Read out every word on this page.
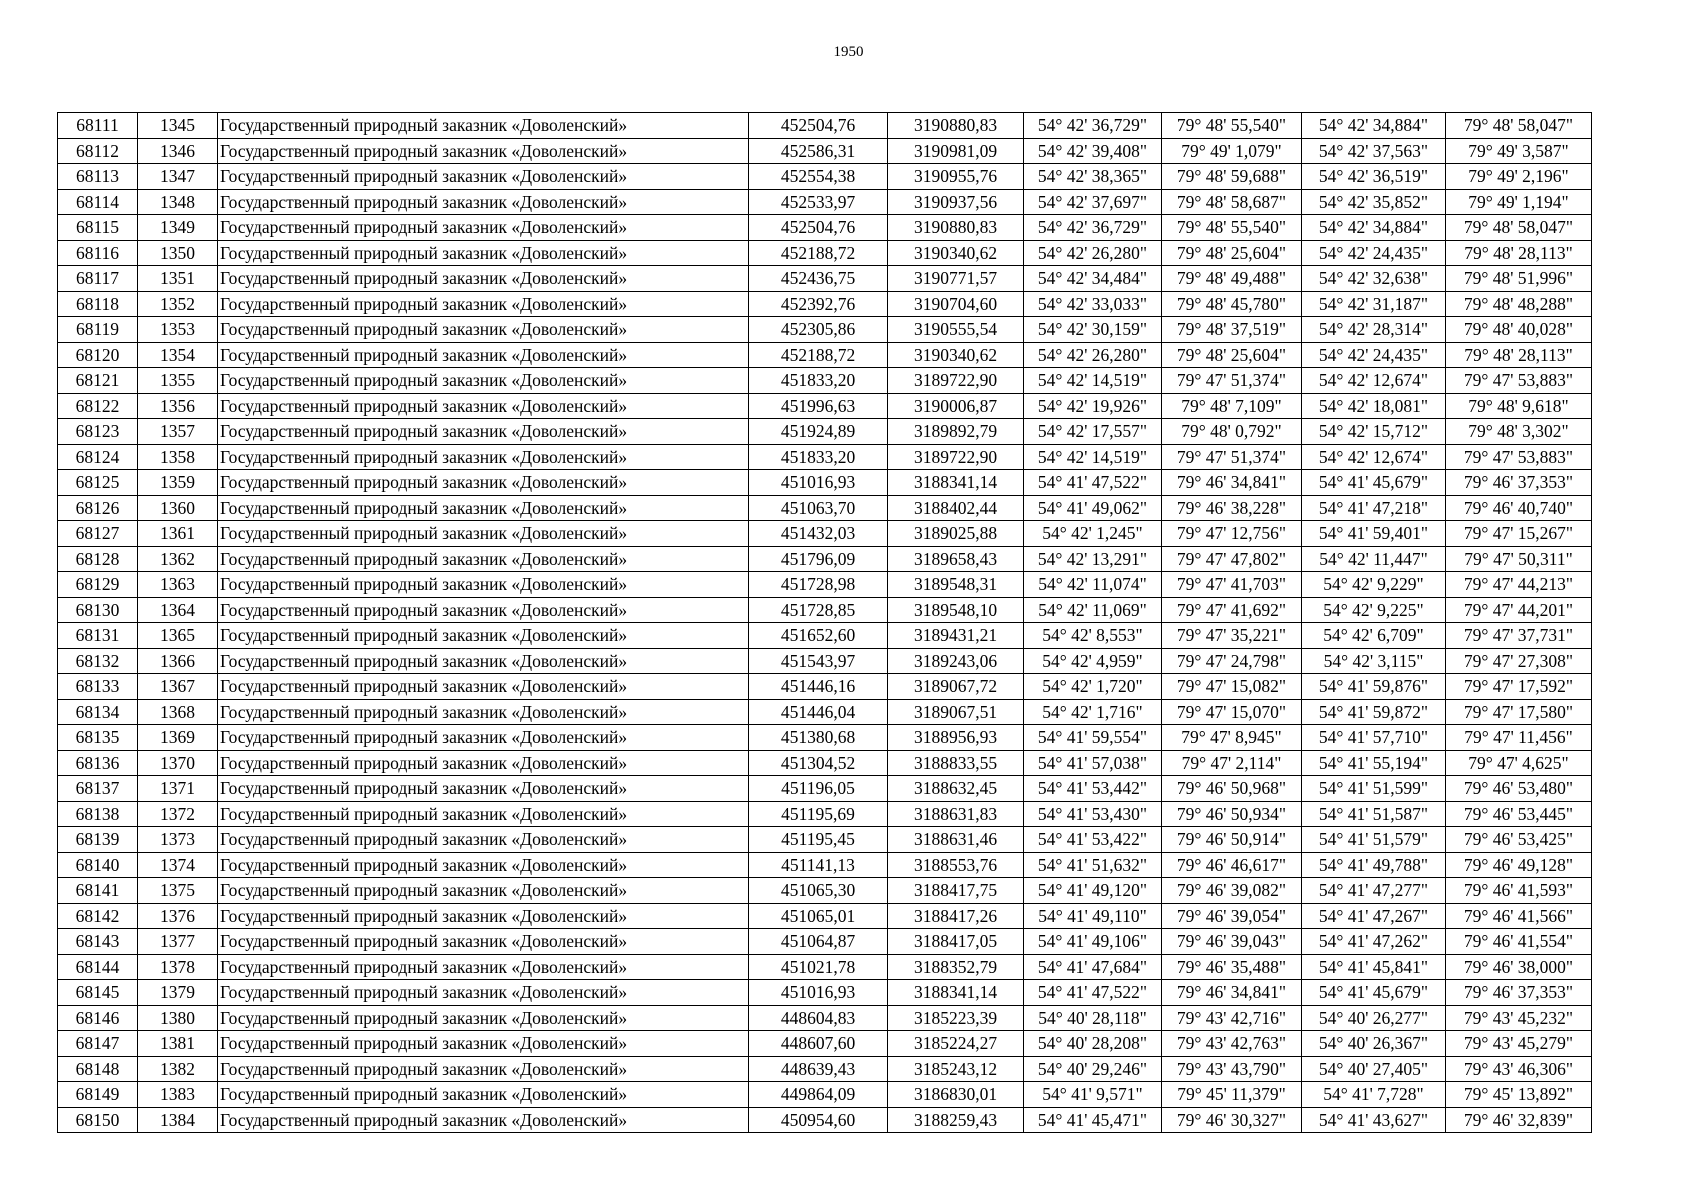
1950
68111	1345	Государственный природный заказник «Доволенский»	452504,76	3190880,83	54° 42' 36,729"	79° 48' 55,540"	54° 42' 34,884"	79° 48' 58,047"
68112	1346	Государственный природный заказник «Доволенский»	452586,31	3190981,09	54° 42' 39,408"	79° 49' 1,079"	54° 42' 37,563"	79° 49' 3,587"
68113	1347	Государственный природный заказник «Доволенский»	452554,38	3190955,76	54° 42' 38,365"	79° 48' 59,688"	54° 42' 36,519"	79° 49' 2,196"
68114	1348	Государственный природный заказник «Доволенский»	452533,97	3190937,56	54° 42' 37,697"	79° 48' 58,687"	54° 42' 35,852"	79° 49' 1,194"
68115	1349	Государственный природный заказник «Доволенский»	452504,76	3190880,83	54° 42' 36,729"	79° 48' 55,540"	54° 42' 34,884"	79° 48' 58,047"
68116	1350	Государственный природный заказник «Доволенский»	452188,72	3190340,62	54° 42' 26,280"	79° 48' 25,604"	54° 42' 24,435"	79° 48' 28,113"
68117	1351	Государственный природный заказник «Доволенский»	452436,75	3190771,57	54° 42' 34,484"	79° 48' 49,488"	54° 42' 32,638"	79° 48' 51,996"
68118	1352	Государственный природный заказник «Доволенский»	452392,76	3190704,60	54° 42' 33,033"	79° 48' 45,780"	54° 42' 31,187"	79° 48' 48,288"
68119	1353	Государственный природный заказник «Доволенский»	452305,86	3190555,54	54° 42' 30,159"	79° 48' 37,519"	54° 42' 28,314"	79° 48' 40,028"
68120	1354	Государственный природный заказник «Доволенский»	452188,72	3190340,62	54° 42' 26,280"	79° 48' 25,604"	54° 42' 24,435"	79° 48' 28,113"
68121	1355	Государственный природный заказник «Доволенский»	451833,20	3189722,90	54° 42' 14,519"	79° 47' 51,374"	54° 42' 12,674"	79° 47' 53,883"
68122	1356	Государственный природный заказник «Доволенский»	451996,63	3190006,87	54° 42' 19,926"	79° 48' 7,109"	54° 42' 18,081"	79° 48' 9,618"
68123	1357	Государственный природный заказник «Доволенский»	451924,89	3189892,79	54° 42' 17,557"	79° 48' 0,792"	54° 42' 15,712"	79° 48' 3,302"
68124	1358	Государственный природный заказник «Доволенский»	451833,20	3189722,90	54° 42' 14,519"	79° 47' 51,374"	54° 42' 12,674"	79° 47' 53,883"
68125	1359	Государственный природный заказник «Доволенский»	451016,93	3188341,14	54° 41' 47,522"	79° 46' 34,841"	54° 41' 45,679"	79° 46' 37,353"
68126	1360	Государственный природный заказник «Доволенский»	451063,70	3188402,44	54° 41' 49,062"	79° 46' 38,228"	54° 41' 47,218"	79° 46' 40,740"
68127	1361	Государственный природный заказник «Доволенский»	451432,03	3189025,88	54° 42' 1,245"	79° 47' 12,756"	54° 41' 59,401"	79° 47' 15,267"
68128	1362	Государственный природный заказник «Доволенский»	451796,09	3189658,43	54° 42' 13,291"	79° 47' 47,802"	54° 42' 11,447"	79° 47' 50,311"
68129	1363	Государственный природный заказник «Доволенский»	451728,98	3189548,31	54° 42' 11,074"	79° 47' 41,703"	54° 42' 9,229"	79° 47' 44,213"
68130	1364	Государственный природный заказник «Доволенский»	451728,85	3189548,10	54° 42' 11,069"	79° 47' 41,692"	54° 42' 9,225"	79° 47' 44,201"
68131	1365	Государственный природный заказник «Доволенский»	451652,60	3189431,21	54° 42' 8,553"	79° 47' 35,221"	54° 42' 6,709"	79° 47' 37,731"
68132	1366	Государственный природный заказник «Доволенский»	451543,97	3189243,06	54° 42' 4,959"	79° 47' 24,798"	54° 42' 3,115"	79° 47' 27,308"
68133	1367	Государственный природный заказник «Доволенский»	451446,16	3189067,72	54° 42' 1,720"	79° 47' 15,082"	54° 41' 59,876"	79° 47' 17,592"
68134	1368	Государственный природный заказник «Доволенский»	451446,04	3189067,51	54° 42' 1,716"	79° 47' 15,070"	54° 41' 59,872"	79° 47' 17,580"
68135	1369	Государственный природный заказник «Доволенский»	451380,68	3188956,93	54° 41' 59,554"	79° 47' 8,945"	54° 41' 57,710"	79° 47' 11,456"
68136	1370	Государственный природный заказник «Доволенский»	451304,52	3188833,55	54° 41' 57,038"	79° 47' 2,114"	54° 41' 55,194"	79° 47' 4,625"
68137	1371	Государственный природный заказник «Доволенский»	451196,05	3188632,45	54° 41' 53,442"	79° 46' 50,968"	54° 41' 51,599"	79° 46' 53,480"
68138	1372	Государственный природный заказник «Доволенский»	451195,69	3188631,83	54° 41' 53,430"	79° 46' 50,934"	54° 41' 51,587"	79° 46' 53,445"
68139	1373	Государственный природный заказник «Доволенский»	451195,45	3188631,46	54° 41' 53,422"	79° 46' 50,914"	54° 41' 51,579"	79° 46' 53,425"
68140	1374	Государственный природный заказник «Доволенский»	451141,13	3188553,76	54° 41' 51,632"	79° 46' 46,617"	54° 41' 49,788"	79° 46' 49,128"
68141	1375	Государственный природный заказник «Доволенский»	451065,30	3188417,75	54° 41' 49,120"	79° 46' 39,082"	54° 41' 47,277"	79° 46' 41,593"
68142	1376	Государственный природный заказник «Доволенский»	451065,01	3188417,26	54° 41' 49,110"	79° 46' 39,054"	54° 41' 47,267"	79° 46' 41,566"
68143	1377	Государственный природный заказник «Доволенский»	451064,87	3188417,05	54° 41' 49,106"	79° 46' 39,043"	54° 41' 47,262"	79° 46' 41,554"
68144	1378	Государственный природный заказник «Доволенский»	451021,78	3188352,79	54° 41' 47,684"	79° 46' 35,488"	54° 41' 45,841"	79° 46' 38,000"
68145	1379	Государственный природный заказник «Доволенский»	451016,93	3188341,14	54° 41' 47,522"	79° 46' 34,841"	54° 41' 45,679"	79° 46' 37,353"
68146	1380	Государственный природный заказник «Доволенский»	448604,83	3185223,39	54° 40' 28,118"	79° 43' 42,716"	54° 40' 26,277"	79° 43' 45,232"
68147	1381	Государственный природный заказник «Доволенский»	448607,60	3185224,27	54° 40' 28,208"	79° 43' 42,763"	54° 40' 26,367"	79° 43' 45,279"
68148	1382	Государственный природный заказник «Доволенский»	448639,43	3185243,12	54° 40' 29,246"	79° 43' 43,790"	54° 40' 27,405"	79° 43' 46,306"
68149	1383	Государственный природный заказник «Доволенский»	449864,09	3186830,01	54° 41' 9,571"	79° 45' 11,379"	54° 41' 7,728"	79° 45' 13,892"
68150	1384	Государственный природный заказник «Доволенский»	450954,60	3188259,43	54° 41' 45,471"	79° 46' 30,327"	54° 41' 43,627"	79° 46' 32,839"
